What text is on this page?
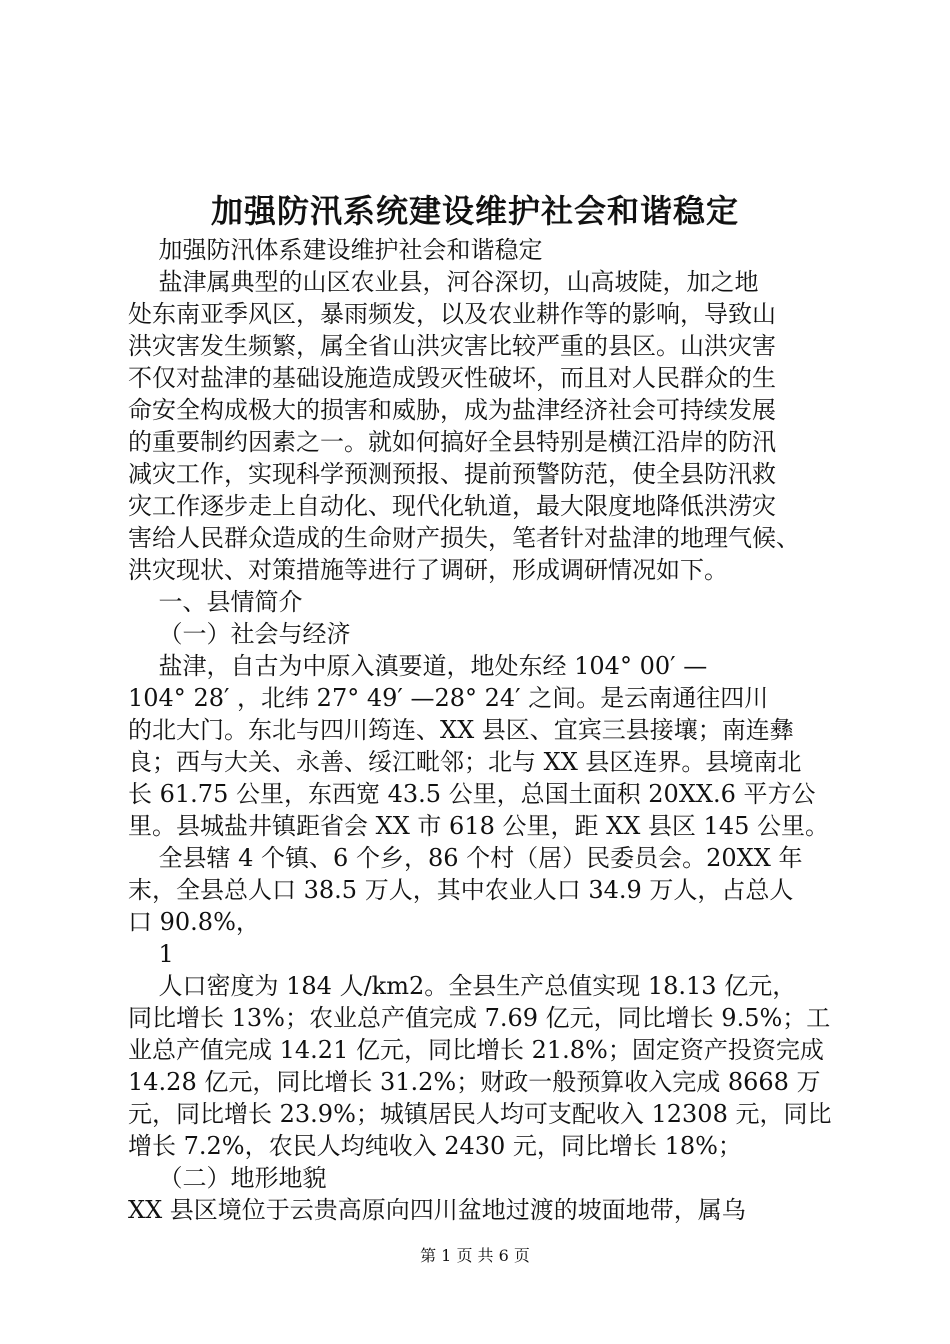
加强防汛系统建设维护社会和谐稳定

加强防汛体系建设维护社会和谐稳定

盐津属典型的山区农业县，河谷深切，山高坡陡，加之地

处东南亚季风区，暴雨频发，以及农业耕作等的影响，导致山

洪灾害发生频繁，属全省山洪灾害比较严重的县区。山洪灾害

不仅对盐津的基础设施造成毁灭性破坏，而且对人民群众的生

命安全构成极大的损害和威胁，成为盐津经济社会可持续发展

的重要制约因素之一。就如何搞好全县特别是横江沿岸的防汛

减灾工作，实现科学预测预报、提前预警防范，使全县防汛救

灾工作逐步走上自动化、现代化轨道，最大限度地降低洪涝灾

害给人民群众造成的生命财产损失，笔者针对盐津的地理气候、

洪灾现状、对策措施等进行了调研，形成调研情况如下。

一、县情简介

（一）社会与经济

盐津，自古为中原入滇要道，地处东经 104° 00′ —

104° 28′ ，北纬 27° 49′ —28° 24′ 之间。是云南通往四川

的北大门。东北与四川筠连、XX 县区、宜宾三县接壤；南连彝

良；西与大关、永善、绥江毗邻；北与 XX 县区连界。县境南北

长 61.75 公里，东西宽 43.5 公里，总国土面积 20XX.6 平方公

里。县城盐井镇距省会 XX 市 618 公里，距 XX 县区 145 公里。

全县辖 4 个镇、6 个乡，86 个村（居）民委员会。20XX 年

末，全县总人口 38.5 万人，其中农业人口 34.9 万人，占总人

口 90.8%，

1

人口密度为 184 人/km2。全县生产总值实现 18.13 亿元，

同比增长 13%；农业总产值完成 7.69 亿元，同比增长 9.5%；工

业总产值完成 14.21 亿元，同比增长 21.8%；固定资产投资完成

14.28 亿元，同比增长 31.2%；财政一般预算收入完成 8668 万

元，同比增长 23.9%；城镇居民人均可支配收入 12308 元，同比

增长 7.2%，农民人均纯收入 2430 元，同比增长 18%；

（二）地形地貌

XX 县区境位于云贵高原向四川盆地过渡的坡面地带，属乌

第 1 页 共 6 页
